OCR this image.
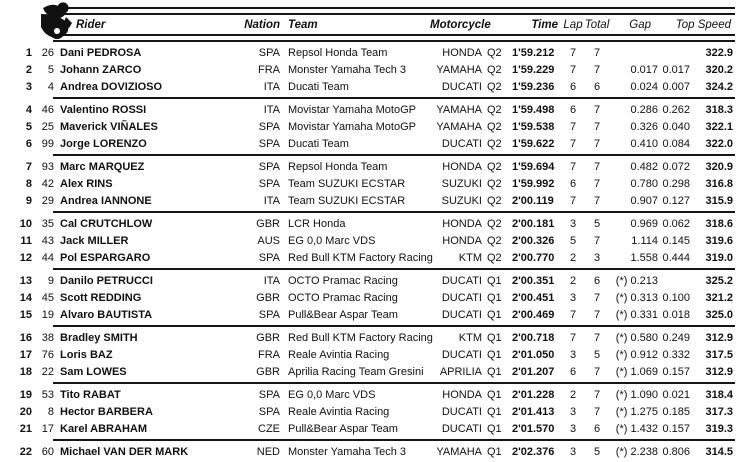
Rider	Nation Team	Motorcycle	Time Lap Total	Gap	Top Speed
1 26 Dani PEDROSA	SPA Repsol Honda Team	HONDA Q2 1'59.212	7	7	322.9
2	5 Johann ZARCO	FRA Monster Yamaha Tech 3	YAMAHA Q2 1'59.229	7	7	0.017 0.017	320.2
3	4 Andrea DOVIZIOSO	ITA Ducati Team	DUCATI Q2 1'59.236	6	6	0.024 0.007	324.2
4 46 Valentino ROSSI	ITA Movistar Yamaha MotoGP	YAMAHA Q2 1'59.498	6	7	0.286 0.262	318.3
5 25 Maverick VIÑALES	SPA Movistar Yamaha MotoGP	YAMAHA Q2 1'59.538	7	7	0.326 0.040	322.1
6 99 Jorge LORENZO	SPA Ducati Team	DUCATI Q2 1'59.622	7	7	0.410 0.084	322.0
7 93 Marc MARQUEZ	SPA Repsol Honda Team	HONDA Q2 1'59.694	7	7	0.482 0.072	320.9
8 42 Alex RINS	SPA Team SUZUKI ECSTAR	SUZUKI Q2 1'59.992	6	7	0.780 0.298	316.8
9 29 Andrea IANNONE	ITA Team SUZUKI ECSTAR	SUZUKI Q2 2'00.119	7	7	0.907 0.127	315.9
10 35 Cal CRUTCHLOW	GBR LCR Honda	HONDA Q2 2'00.181	3	5	0.969 0.062	318.6
11 43 Jack MILLER	AUS EG 0,0 Marc VDS	HONDA Q2 2'00.326	5	7	1.114 0.145	319.6
12 44 Pol ESPARGARO	SPA Red Bull KTM Factory Racing	KTM Q2 2'00.770	2	3	1.558 0.444	319.0
13	9 Danilo PETRUCCI	ITA OCTO Pramac Racing	DUCATI Q1 2'00.351	2	6	(*) 0.213	325.2
14 45 Scott REDDING	GBR OCTO Pramac Racing	DUCATI Q1 2'00.451	3	7	(*) 0.313 0.100	321.2
15 19 Alvaro BAUTISTA	SPA Pull&Bear Aspar Team	DUCATI Q1 2'00.469	7	7	(*) 0.331 0.018	325.0
16 38 Bradley SMITH	GBR Red Bull KTM Factory Racing	KTM Q1 2'00.718	7	7	(*) 0.580 0.249	312.9
17 76 Loris BAZ	FRA Reale Avintia Racing	DUCATI Q1 2'01.050	3	5	(*) 0.912 0.332	317.5
18 22 Sam LOWES	GBR Aprilia Racing Team Gresini	APRILIA Q1 2'01.207	6	7	(*) 1.069 0.157	312.9
19 53 Tito RABAT	SPA EG 0,0 Marc VDS	HONDA Q1 2'01.228	2	7	(*) 1.090 0.021	318.4
20	8 Hector BARBERA	SPA Reale Avintia Racing	DUCATI Q1 2'01.413	3	7	(*) 1.275 0.185	317.3
21 17 Karel ABRAHAM	CZE Pull&Bear Aspar Team	DUCATI Q1 2'01.570	3	6	(*) 1.432 0.157	319.3
22 60 Michael VAN DER MARK	NED Monster Yamaha Tech 3	YAMAHA Q1 2'02.376	3	5	(*) 2.238 0.806	314.5
